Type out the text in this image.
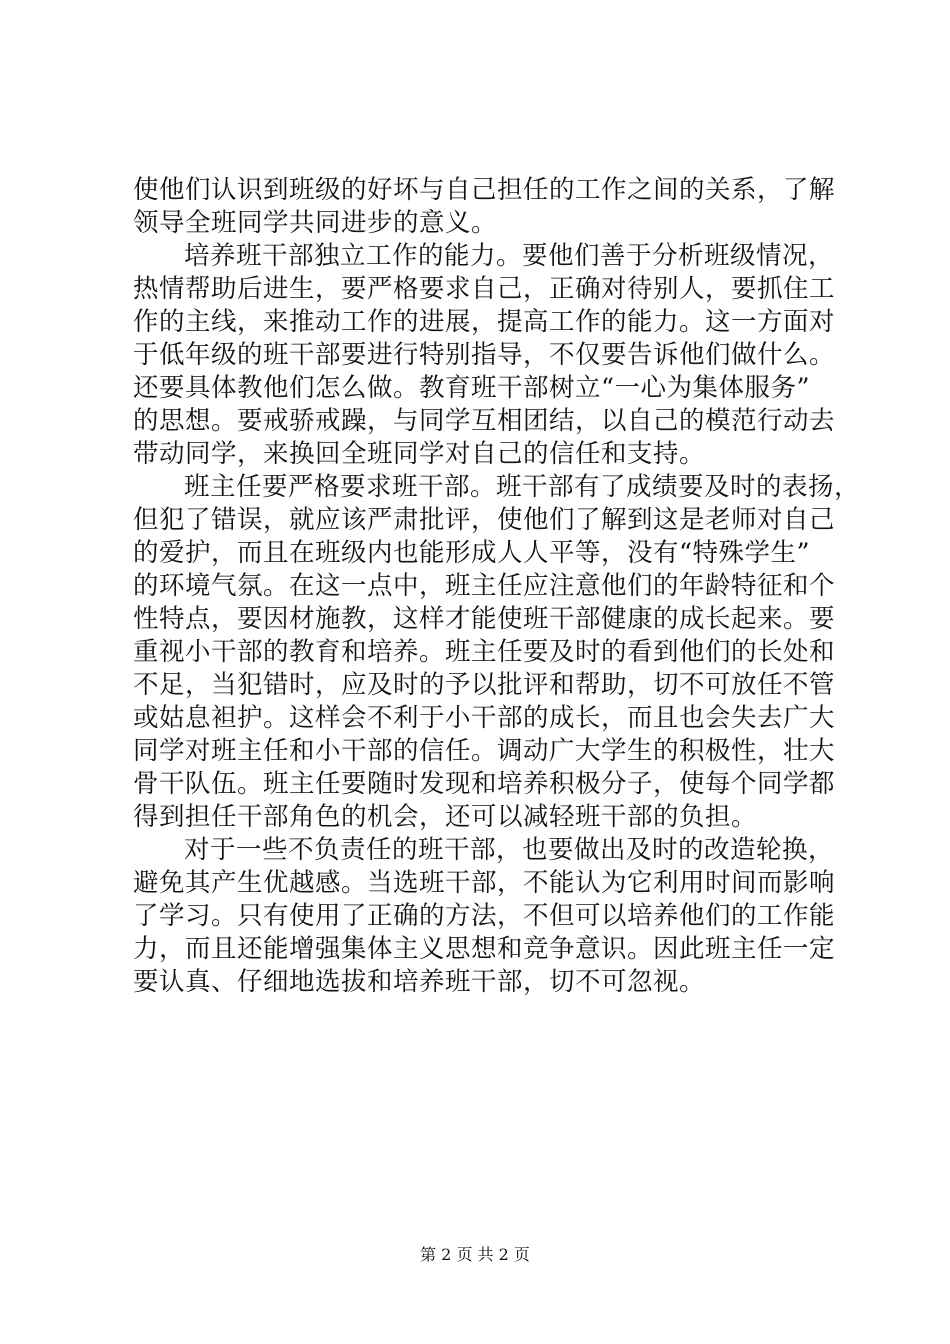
使他们认识到班级的好坏与自己担任的工作之间的关系，了解
领导全班同学共同进步的意义。
培养班干部独立工作的能力。要他们善于分析班级情况，
热情帮助后进生，要严格要求自己，正确对待别人，要抓住工
作的主线，来推动工作的进展，提高工作的能力。这一方面对
于低年级的班干部要进行特别指导，不仅要告诉他们做什么。
还要具体教他们怎么做。教育班干部树立“一心为集体服务”
的思想。要戒骄戒躁，与同学互相团结，以自己的模范行动去
带动同学，来换回全班同学对自己的信任和支持。
班主任要严格要求班干部。班干部有了成绩要及时的表扬，
但犯了错误，就应该严肃批评，使他们了解到这是老师对自己
的爱护，而且在班级内也能形成人人平等，没有“特殊学生”
的环境气氛。在这一点中，班主任应注意他们的年龄特征和个
性特点，要因材施教，这样才能使班干部健康的成长起来。要
重视小干部的教育和培养。班主任要及时的看到他们的长处和
不足，当犯错时，应及时的予以批评和帮助，切不可放任不管
或姑息袒护。这样会不利于小干部的成长，而且也会失去广大
同学对班主任和小干部的信任。调动广大学生的积极性，壮大
骨干队伍。班主任要随时发现和培养积极分子，使每个同学都
得到担任干部角色的机会，还可以减轻班干部的负担。
对于一些不负责任的班干部，也要做出及时的改造轮换，
避免其产生优越感。当选班干部，不能认为它利用时间而影响
了学习。只有使用了正确的方法，不但可以培养他们的工作能
力，而且还能增强集体主义思想和竞争意识。因此班主任一定
要认真、仔细地选拔和培养班干部，切不可忽视。
第 2 页 共 2 页
